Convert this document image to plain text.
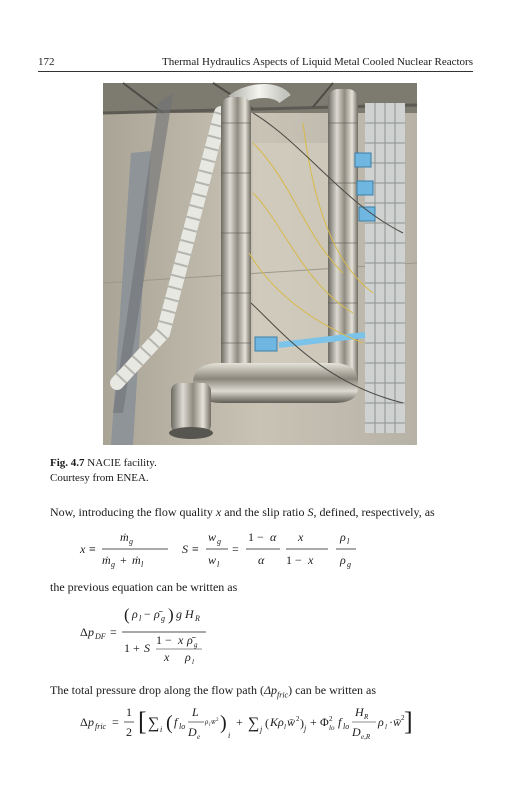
172	Thermal Hydraulics Aspects of Liquid Metal Cooled Nuclear Reactors
Fig. 4.7 NACIE facility.
Courtesy from ENEA.
Now, introducing the flow quality x and the slip ratio S, defined, respectively, as
x ≡
ṁ g
ṁ g + ṁ l
S ≡
w g
w l
=
1 − α
α
x
1 − x
ρ l
ρ g
the previous equation can be written as
Δ p DF =
( ρ l − ρ̄ g ) g H R
1 + S
1 − x ρ̄ g
x ρ l
The total pressure drop along the flow path $(\Delta p_{fric})$ can be written as
Δ p fric =
1
2 [ ∑ i ( f lo
L
D e
ρ l w̄ 2 )
i
+ ∑ j ( Kρ l w̄ 2 ) j + Φ 2
lo f lo
H R
D e,R
ρ l · w̄ 2 ]
